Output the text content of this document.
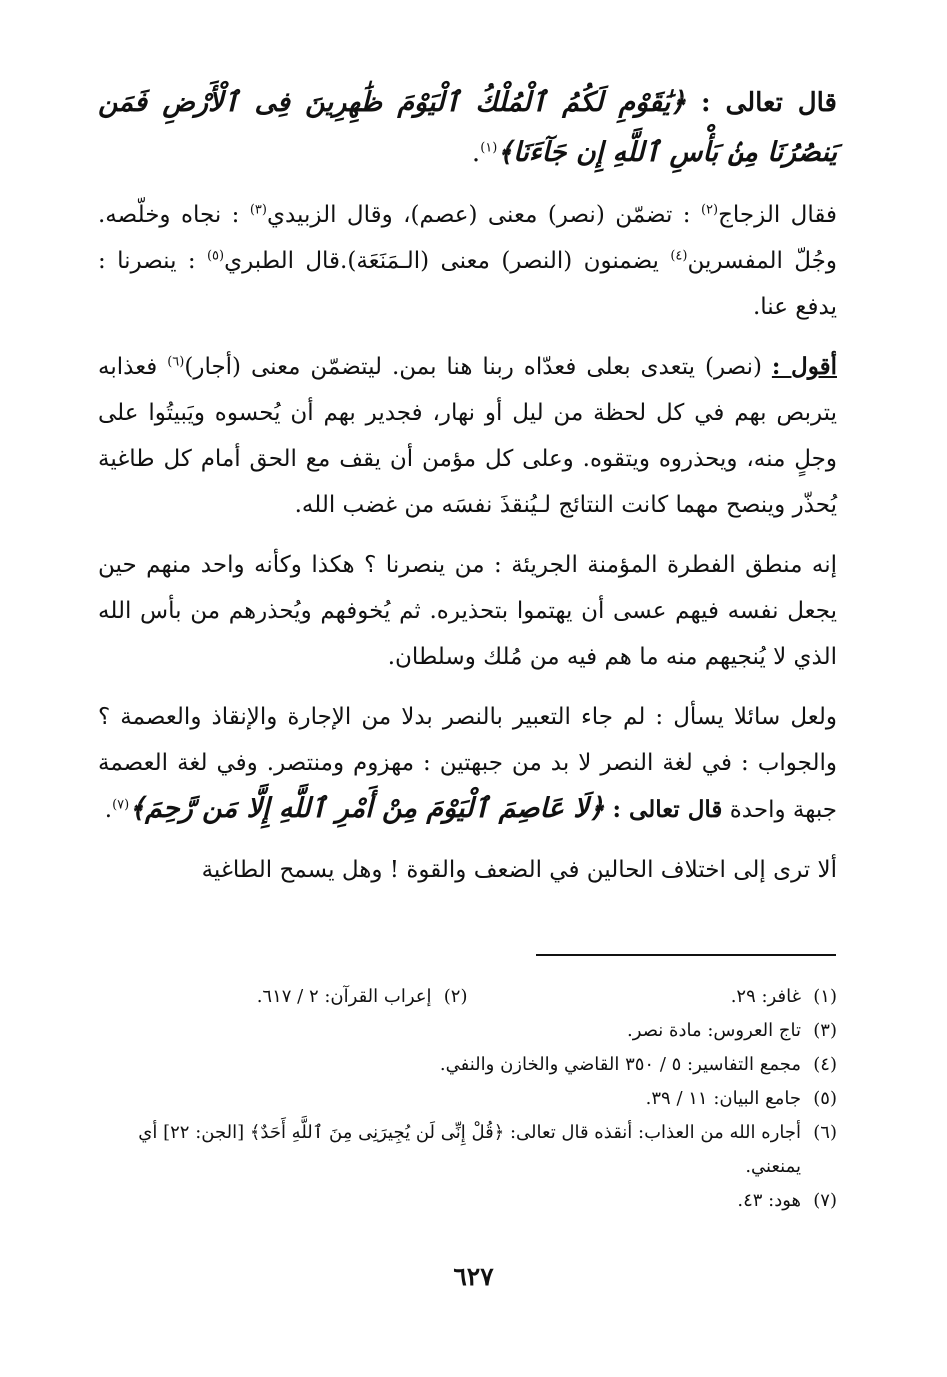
قال تعالى : ﴿يَٰقَوْمِ لَكُمُ ٱلْمُلْكُ ٱلْيَوْمَ ظَٰهِرِينَ فِى ٱلْأَرْضِ فَمَن يَنصُرُنَا مِنۢ بَأْسِ ٱللَّهِ إِن جَآءَنَا﴾$^{(١)}$.

فقال الزجاج$^{(٢)}$ : تضمّن (نصر) معنى (عصم)، وقال الزبيدي$^{(٣)}$ : نجاه وخلّصه. وجُلّ المفسرين$^{(٤)}$ يضمنون (النصر) معنى (الـمَنَعَة).قال الطبري$^{(٥)}$ : ينصرنا : يدفع عنا.

أقول : (نصر) يتعدى بعلى فعدّاه ربنا هنا بمن. ليتضمّن معنى (أجار)$^{(٦)}$ فعذابه يتربص بهم في كل لحظة من ليل أو نهار، فجدير بهم أن يُحسوه ويَبيتُوا على وجلٍ منه، ويحذروه ويتقوه. وعلى كل مؤمن أن يقف مع الحق أمام كل طاغية يُحذّر وينصح مهما كانت النتائج لـيُنقذَ نفسَه من غضب الله.

إنه منطق الفطرة المؤمنة الجريئة : من ينصرنا ؟ هكذا وكأنه واحد منهم حين يجعل نفسه فيهم عسى أن يهتموا بتحذيره. ثم يُخوفهم ويُحذرهم من بأس الله الذي لا يُنجيهم منه ما هم فيه من مُلك وسلطان.

ولعل سائلا يسأل : لم جاء التعبير بالنصر بدلا من الإجارة والإنقاذ والعصمة ؟ والجواب : في لغة النصر لا بد من جبهتين : مهزوم ومنتصر. وفي لغة العصمة جبهة واحدة قال تعالى : ﴿لَا عَاصِمَ ٱلْيَوْمَ مِنْ أَمْرِ ٱللَّهِ إِلَّا مَن رَّحِمَ﴾$^{(٧)}$.

ألا ترى إلى اختلاف الحالين في الضعف والقوة ! وهل يسمح الطاغية

(١)
غافر: ٢٩.
(٢)
إعراب القرآن: ٢ / ٦١٧.
(٣)
تاج العروس: مادة نصر.
(٤)
مجمع التفاسير: ٥ / ٣٥٠ القاضي والخازن والنفي.
(٥)
جامع البيان: ١١ / ٣٩.
(٦)
أجاره الله من العذاب: أنقذه قال تعالى: ﴿قُلْ إِنِّى لَن يُجِيرَنِى مِنَ ٱللَّهِ أَحَدٌ﴾ [الجن: ٢٢] أي يمنعني.
(٧)
هود: ٤٣.
٦٢٧
